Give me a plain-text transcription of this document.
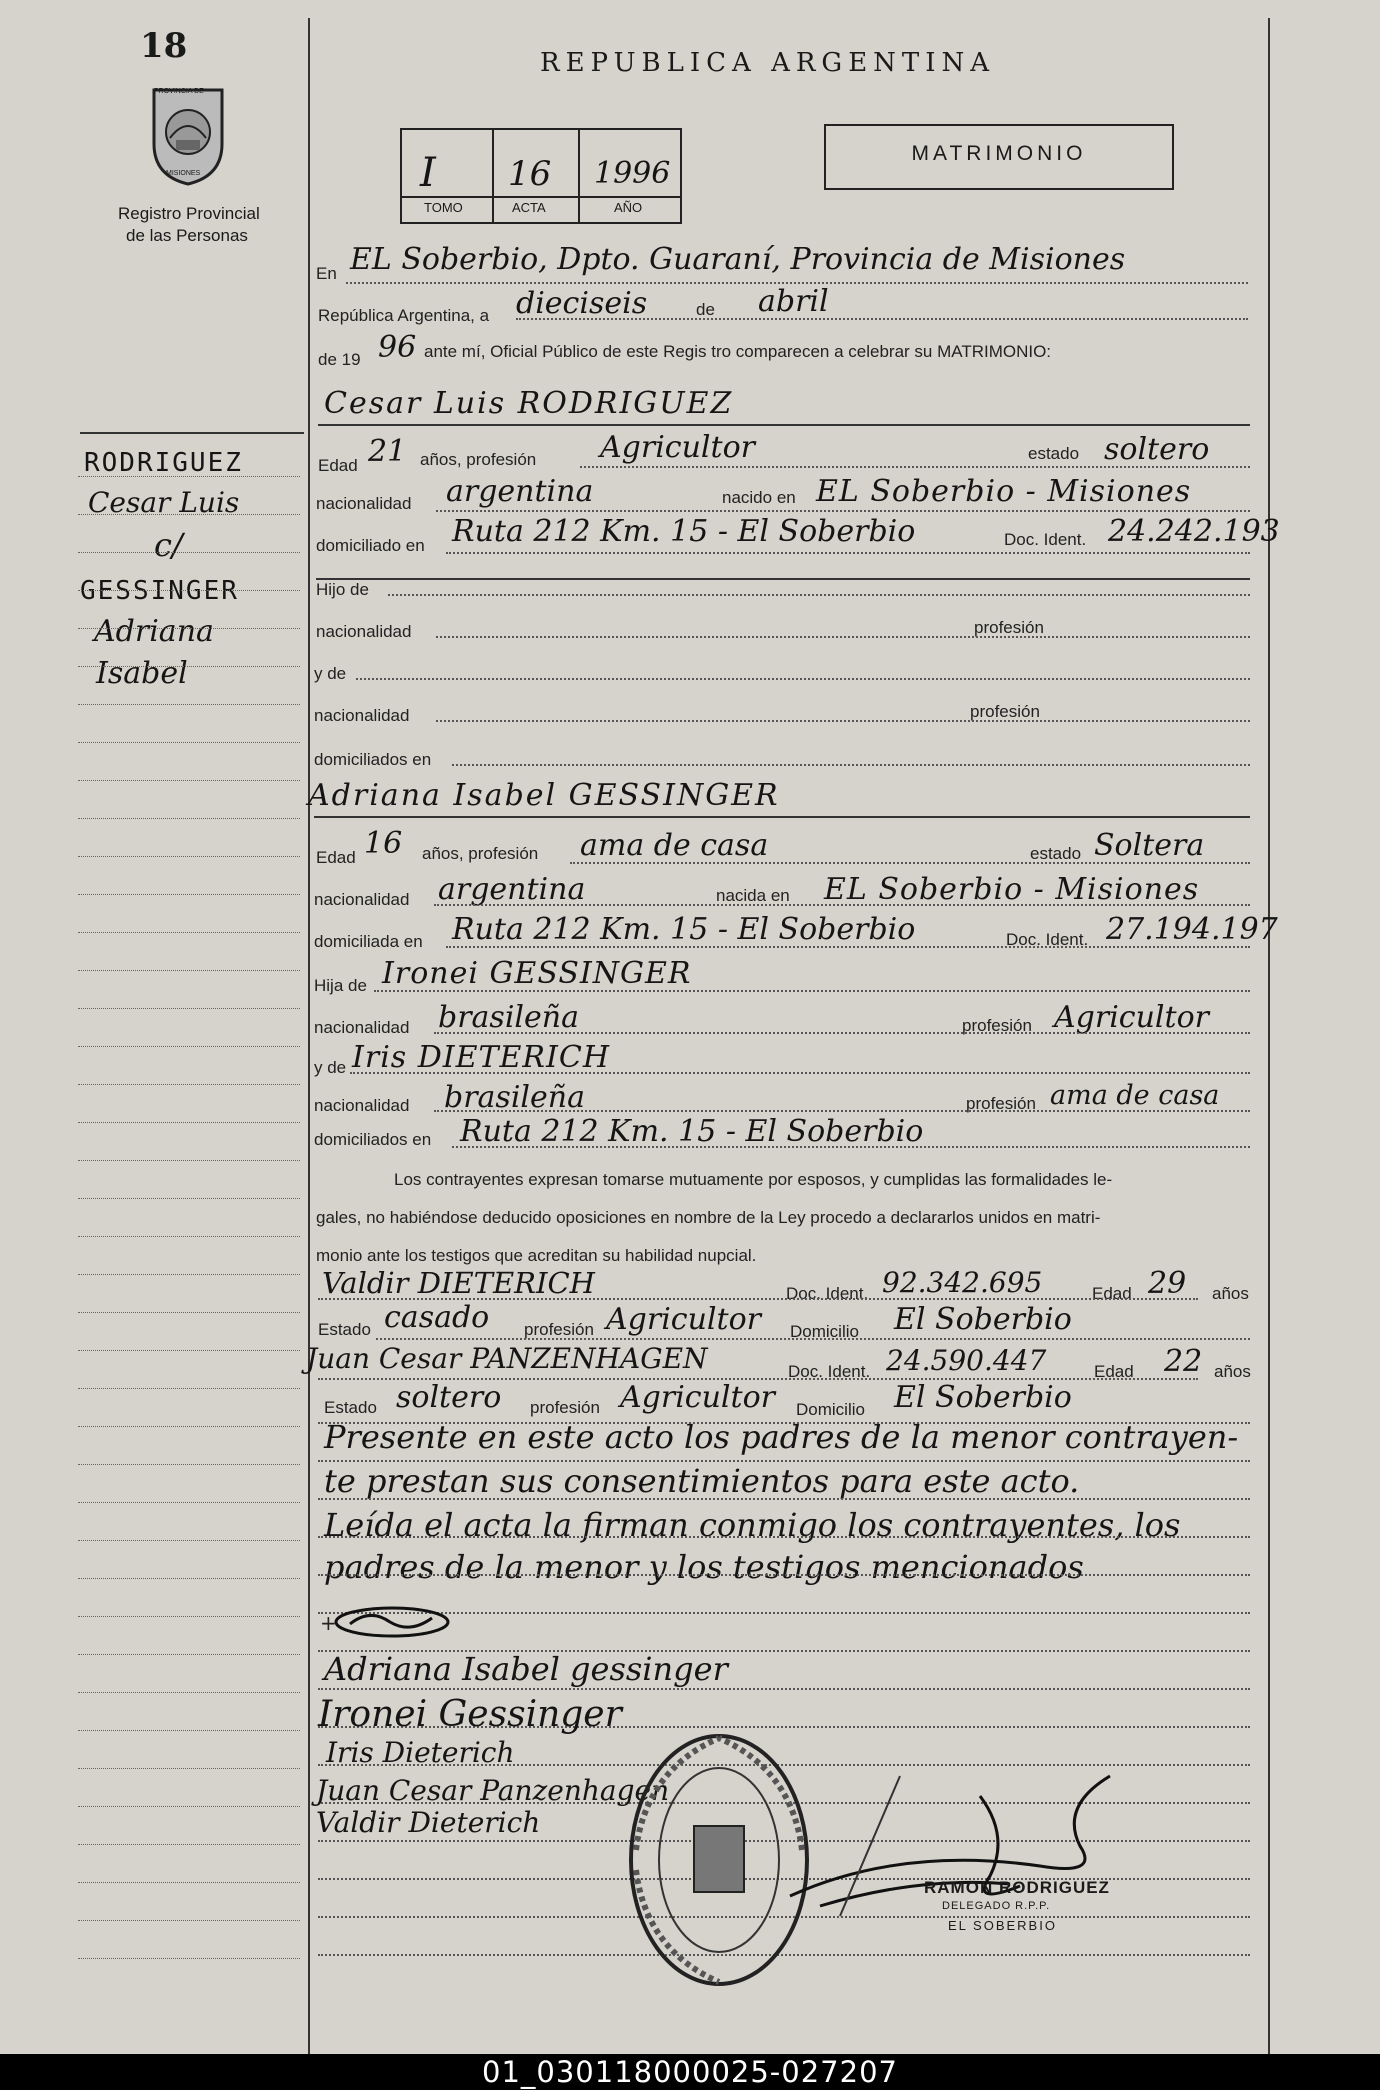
18
PROVINCIA DE
MISIONES
Registro Provincial
de las Personas
REPUBLICA ARGENTINA
I 16 1996
TOMO	ACTA	AÑO
MATRIMONIO
RODRIGUEZ
Cesar Luis
c/
GESSINGER
Adriana
Isabel
En EL Soberbio, Dpto. Guaraní, Provincia de Misiones
República Argentina, a dieciseis	de abril
de 19 96 ante mí, Oficial Público de este Regis tro comparecen a celebrar su MATRIMONIO:
Cesar Luis RODRIGUEZ
Edad 21 años, profesión Agricultor	estado soltero
nacionalidad argentina	nacido en EL Soberbio - Misiones
domiciliado en Ruta 212 Km. 15 - El Soberbio	Doc. Ident. 24.242.193
Hijo de
nacionalidad	profesión
y de
nacionalidad	profesión
domiciliados en
Adriana Isabel GESSINGER
Edad 16 años, profesión ama de casa	estado Soltera
nacionalidad argentina	nacida en EL Soberbio - Misiones
domiciliada en Ruta 212 Km. 15 - El Soberbio	Doc. Ident. 27.194.197
Hija de Ironei GESSINGER
nacionalidad brasileña	profesión Agricultor
y de Iris DIETERICH
nacionalidad brasileña	profesión ama de casa
domiciliados en Ruta 212 Km. 15 - El Soberbio
Los contrayentes expresan tomarse mutuamente por esposos, y cumplidas las formalidades le-
gales, no habiéndose deducido oposiciones en nombre de la Ley procedo a declararlos unidos en matri-
monio ante los testigos que acreditan su habilidad nupcial.
Valdir DIETERICH	Doc. Ident. 92.342.695	Edad 29 años
Estado casado profesión Agricultor Domicilio El Soberbio
Juan Cesar PANZENHAGEN	Doc. Ident. 24.590.447	Edad 22 años
Estado soltero profesión Agricultor Domicilio El Soberbio
Presente en este acto los padres de la menor contrayen-
te prestan sus consentimientos para este acto.
Leída el acta la firman conmigo los contrayentes, los
padres de la menor y los testigos mencionados
+
Adriana Isabel gessinger
Ironei Gessinger
Iris Dieterich
Juan Cesar Panzenhagen
Valdir Dieterich
RAMON RODRIGUEZ
DELEGADO R.P.P.
EL SOBERBIO
01_030118000025-027207
